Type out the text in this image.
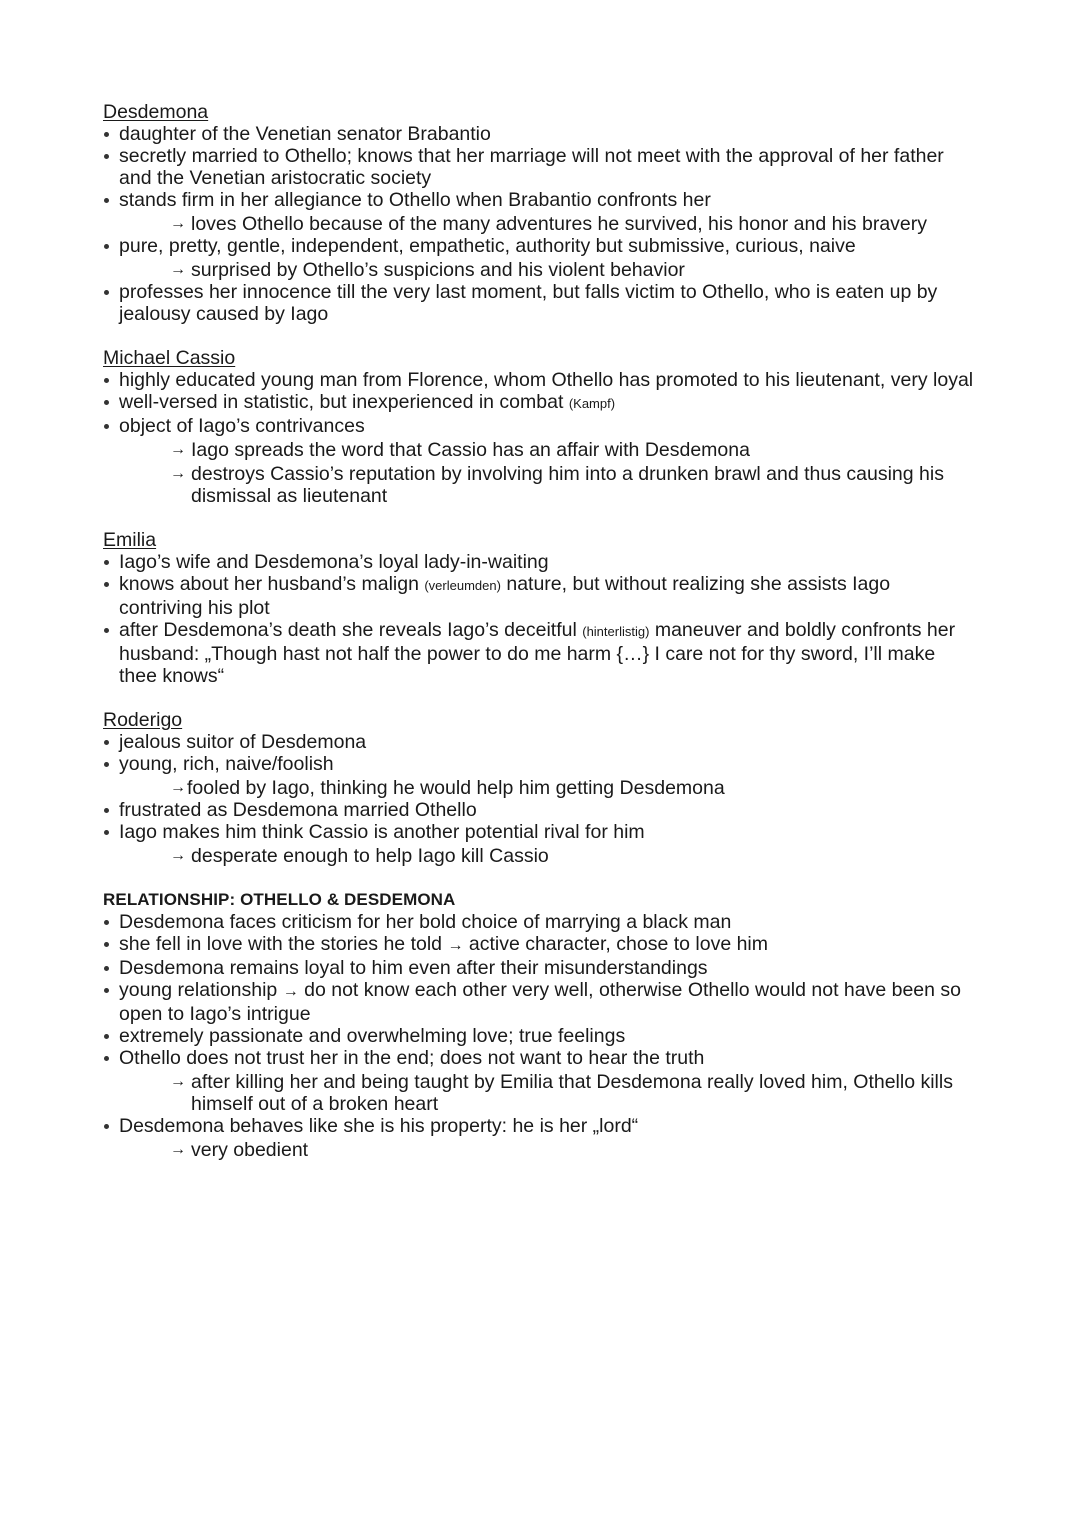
Desdemona
daughter of the Venetian senator Brabantio
secretly married to Othello; knows that her marriage will not meet with the approval of her father and the Venetian aristocratic society
stands firm in her allegiance to Othello when Brabantio confronts her
→ loves Othello because of the many adventures he survived, his honor and his bravery
pure, pretty, gentle, independent, empathetic, authority but submissive, curious, naive
→ surprised by Othello’s suspicions and his violent behavior
professes her innocence till the very last moment, but falls victim to Othello, who is eaten up by jealousy caused by Iago
Michael Cassio
highly educated young man from Florence, whom Othello has promoted to his lieutenant, very loyal
well-versed in statistic, but inexperienced in combat (Kampf)
object of Iago’s contrivances
→ Iago spreads the word that Cassio has an affair with Desdemona
→ destroys Cassio’s reputation by involving him into a drunken brawl and thus causing his dismissal as lieutenant
Emilia
Iago’s wife and Desdemona’s loyal lady-in-waiting
knows about her husband’s malign (verleumden) nature, but without realizing she assists Iago contriving his plot
after Desdemona’s death she reveals Iago’s deceitful (hinterlistig) maneuver and boldly confronts her husband: „Though hast not half the power to do me harm {…} I care not for thy sword, I’ll make thee knows“
Roderigo
jealous suitor of Desdemona
young, rich, naive/foolish
→ fooled by Iago, thinking he would help him getting Desdemona
frustrated as Desdemona married Othello
Iago makes him think Cassio is another potential rival for him
→ desperate enough to help Iago kill Cassio
RELATIONSHIP: OTHELLO & DESDEMONA
Desdemona faces criticism for her bold choice of marrying a black man
she fell in love with the stories he told → active character, chose to love him
Desdemona remains loyal to him even after their misunderstandings
young relationship → do not know each other very well, otherwise Othello would not have been so open to Iago’s intrigue
extremely passionate and overwhelming love; true feelings
Othello does not trust her in the end; does not want to hear the truth
→ after killing her and being taught by Emilia that Desdemona really loved him, Othello kills himself out of a broken heart
Desdemona behaves like she is his property: he is her „lord“
→ very obedient
